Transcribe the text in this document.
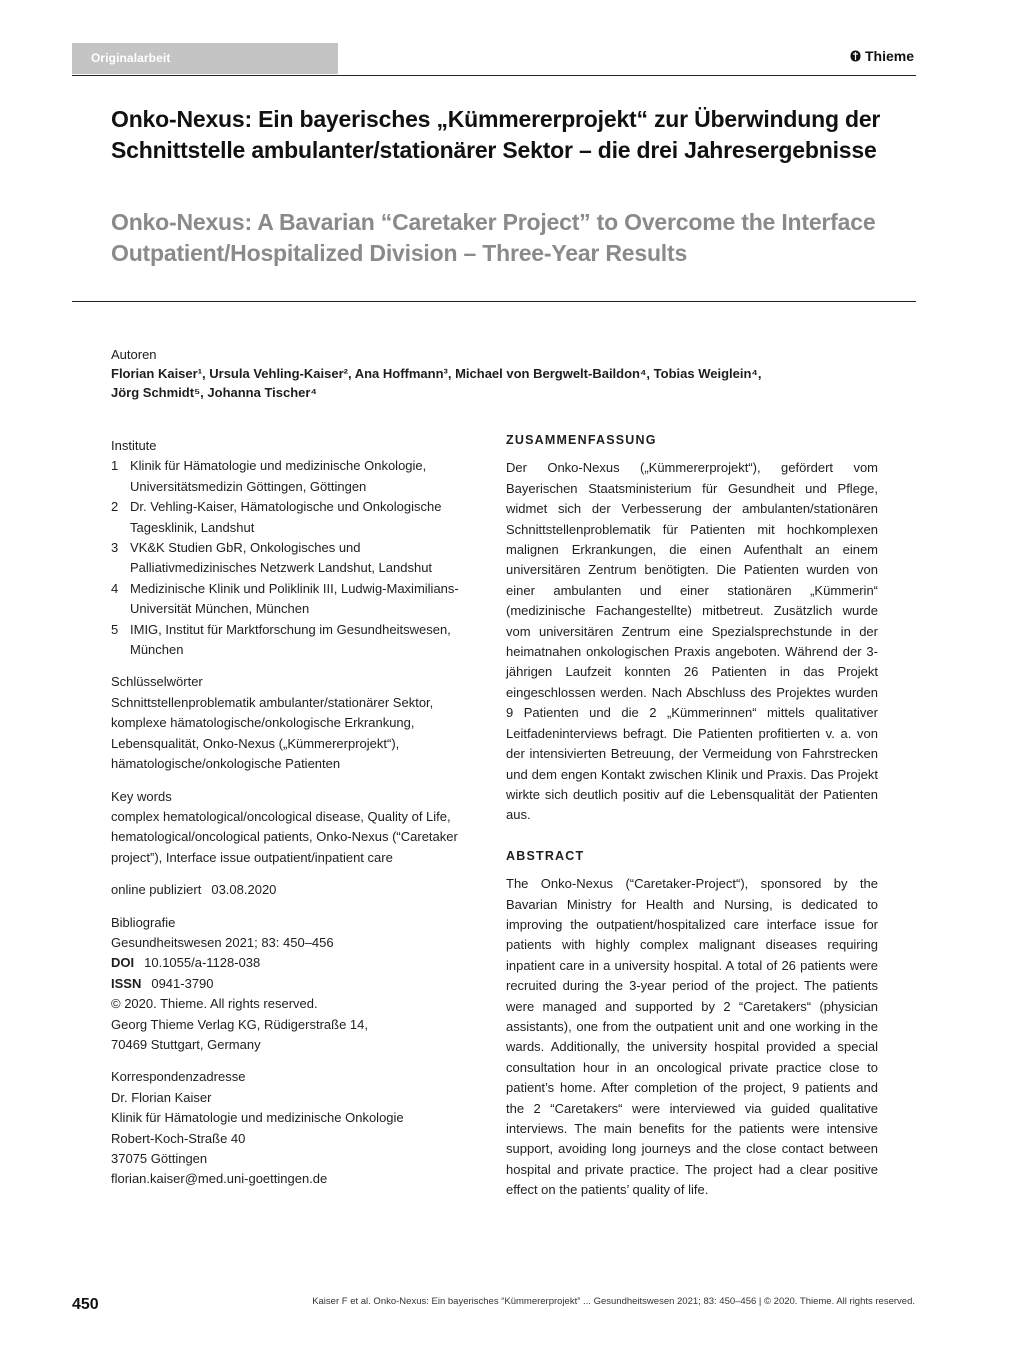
Originalarbeit	Thieme
Onko-Nexus: Ein bayerisches „Kümmererprojekt“ zur Überwindung der Schnittstelle ambulanter/stationärer Sektor – die drei Jahresergebnisse
Onko-Nexus: A Bavarian “Caretaker Project” to Overcome the Interface Outpatient/Hospitalized Division – Three-Year Results
Autoren
Florian Kaiser¹, Ursula Vehling-Kaiser², Ana Hoffmann³, Michael von Bergwelt-Baildon⁴, Tobias Weiglein⁴,
Jörg Schmidt⁵, Johanna Tischer⁴
Institute
1 Klinik für Hämatologie und medizinische Onkologie, Universitätsmedizin Göttingen, Göttingen
2 Dr. Vehling-Kaiser, Hämatologische und Onkologische Tagesklinik, Landshut
3 VK&K Studien GbR, Onkologisches und Palliativmedizinisches Netzwerk Landshut, Landshut
4 Medizinische Klinik und Poliklinik III, Ludwig-Maximilians-Universität München, München
5 IMIG, Institut für Marktforschung im Gesundheitswesen, München
Schlüsselwörter
Schnittstellenproblematik ambulanter/stationärer Sektor, komplexe hämatologische/onkologische Erkrankung, Lebensqualität, Onko-Nexus („Kümmererprojekt“), hämatologische/onkologische Patienten
Key words
complex hematological/oncological disease, Quality of Life, hematological/oncological patients, Onko-Nexus (“Caretaker project”), Interface issue outpatient/inpatient care
online publiziert 03.08.2020
Bibliografie
Gesundheitswesen 2021; 83: 450–456
DOI 10.1055/a-1128-038
ISSN 0941-3790
© 2020. Thieme. All rights reserved.
Georg Thieme Verlag KG, Rüdigerstraße 14,
70469 Stuttgart, Germany
Korrespondenzadresse
Dr. Florian Kaiser
Klinik für Hämatologie und medizinische Onkologie
Robert-Koch-Straße 40
37075 Göttingen
florian.kaiser@med.uni-goettingen.de
ZUSAMMENFASSUNG

Der Onko-Nexus („Kümmererprojekt“), gefördert vom Bayerischen Staatsministerium für Gesundheit und Pflege, widmet sich der Verbesserung der ambulanten/stationären Schnittstellenproblematik für Patienten mit hochkomplexen malignen Erkrankungen, die einen Aufenthalt an einem universitären Zentrum benötigten. Die Patienten wurden von einer ambulanten und einer stationären „Kümmerin“ (medizinische Fachangestellte) mitbetreut. Zusätzlich wurde vom universitären Zentrum eine Spezialsprechstunde in der heimatnahen onkologischen Praxis angeboten. Während der 3-jährigen Laufzeit konnten 26 Patienten in das Projekt eingeschlossen werden. Nach Abschluss des Projektes wurden 9 Patienten und die 2 „Kümmerinnen“ mittels qualitativer Leitfadeninterviews befragt. Die Patienten profitierten v. a. von der intensivierten Betreuung, der Vermeidung von Fahrstrecken und dem engen Kontakt zwischen Klinik und Praxis. Das Projekt wirkte sich deutlich positiv auf die Lebensqualität der Patienten aus.

ABSTRACT

The Onko-Nexus (“Caretaker-Project“), sponsored by the Bavarian Ministry for Health and Nursing, is dedicated to improving the outpatient/hospitalized care interface issue for patients with highly complex malignant diseases requiring inpatient care in a university hospital. A total of 26 patients were recruited during the 3-year period of the project. The patients were managed and supported by 2 “Caretakers“ (physician assistants), one from the outpatient unit and one working in the wards. Additionally, the university hospital provided a special consultation hour in an oncological private practice close to patient’s home. After completion of the project, 9 patients and the 2 “Caretakers“ were interviewed via guided qualitative interviews. The main benefits for the patients were intensive support, avoiding long journeys and the close contact between hospital and private practice. The project had a clear positive effect on the patients’ quality of life.

450	Kaiser F et al. Onko-Nexus: Ein bayerisches “Kümmererprojekt” ... Gesundheitswesen 2021; 83: 450–456 | © 2020. Thieme. All rights reserved.
